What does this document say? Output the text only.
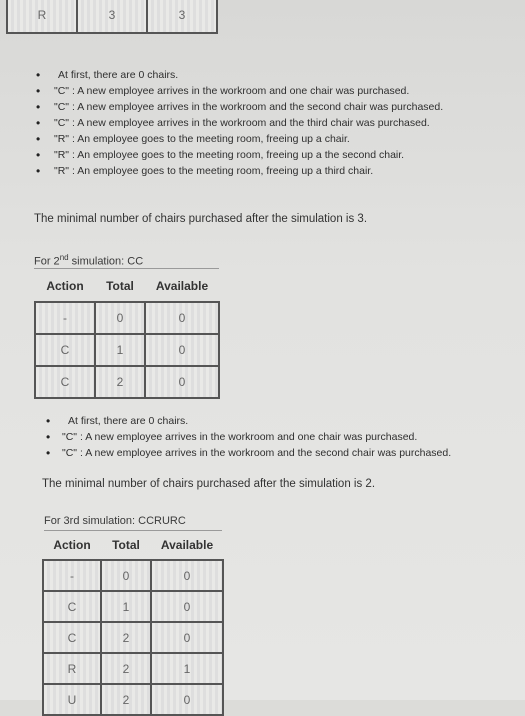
R	3	3
• At first, there are 0 chairs.
• "C" : A new employee arrives in the workroom and one chair was purchased.
• "C" : A new employee arrives in the workroom and the second chair was purchased.
• "C" : A new employee arrives in the workroom and the third chair was purchased.
• "R" : An employee goes to the meeting room, freeing up a chair.
• "R" : An employee goes to the meeting room, freeing up a the second chair.
• "R" : An employee goes to the meeting room, freeing up a third chair.
The minimal number of chairs purchased after the simulation is 3.
For 2nd simulation: CC
Action	Total	Available
-	0	0
C	1	0
C	2	0
• At first, there are 0 chairs.
• "C" : A new employee arrives in the workroom and one chair was purchased.
• "C" : A new employee arrives in the workroom and the second chair was purchased.
The minimal number of chairs purchased after the simulation is 2.
For 3rd simulation: CCRURC
Action	Total	Available
-	0	0
C	1	0
C	2	0
R	2	1
U	2	0
